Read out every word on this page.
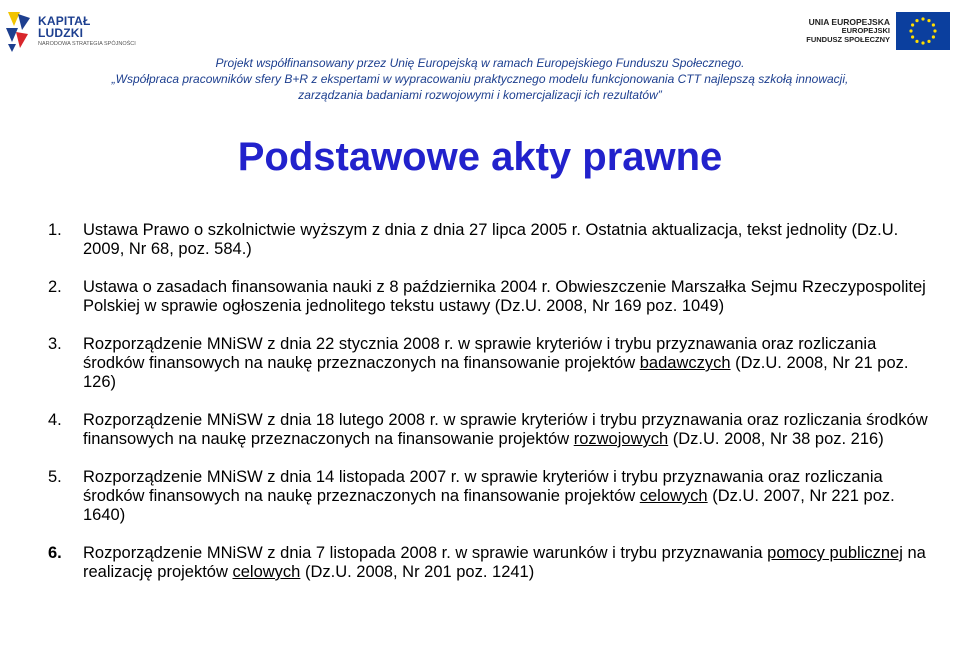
KAPITAŁ LUDZKI
NARODOWA STRATEGIA SPÓJNOŚCI
UNIA EUROPEJSKA
EUROPEJSKI
FUNDUSZ SPOŁECZNY
Projekt współfinansowany przez Unię Europejską w ramach Europejskiego Funduszu Społecznego.
„Współpraca pracowników sfery B+R z ekspertami w wypracowaniu praktycznego modelu funkcjonowania CTT najlepszą szkołą innowacji,
zarządzania badaniami rozwojowymi i komercjalizacji ich rezultatów”
Podstawowe akty prawne
1. Ustawa Prawo o szkolnictwie wyższym z dnia z dnia 27 lipca 2005 r. Ostatnia aktualizacja, tekst jednolity (Dz.U. 2009, Nr 68, poz. 584.)
2. Ustawa o zasadach finansowania nauki z 8 października 2004 r. Obwieszczenie Marszałka Sejmu Rzeczypospolitej Polskiej w sprawie ogłoszenia jednolitego tekstu ustawy (Dz.U. 2008, Nr 169 poz. 1049)
3. Rozporządzenie MNiSW z dnia 22 stycznia 2008 r. w sprawie kryteriów i trybu przyznawania oraz rozliczania środków finansowych na naukę przeznaczonych na finansowanie projektów badawczych (Dz.U. 2008, Nr 21 poz. 126)
4. Rozporządzenie MNiSW z dnia 18 lutego 2008 r. w sprawie kryteriów i trybu przyznawania oraz rozliczania środków finansowych na naukę przeznaczonych na finansowanie projektów rozwojowych (Dz.U. 2008, Nr 38 poz. 216)
5. Rozporządzenie MNiSW z dnia 14 listopada 2007 r. w sprawie kryteriów i trybu przyznawania oraz rozliczania środków finansowych na naukę przeznaczonych na finansowanie projektów celowych (Dz.U. 2007, Nr 221 poz. 1640)
6. Rozporządzenie MNiSW z dnia 7 listopada 2008 r. w sprawie warunków i trybu przyznawania pomocy publicznej na realizację projektów celowych (Dz.U. 2008, Nr 201 poz. 1241)
